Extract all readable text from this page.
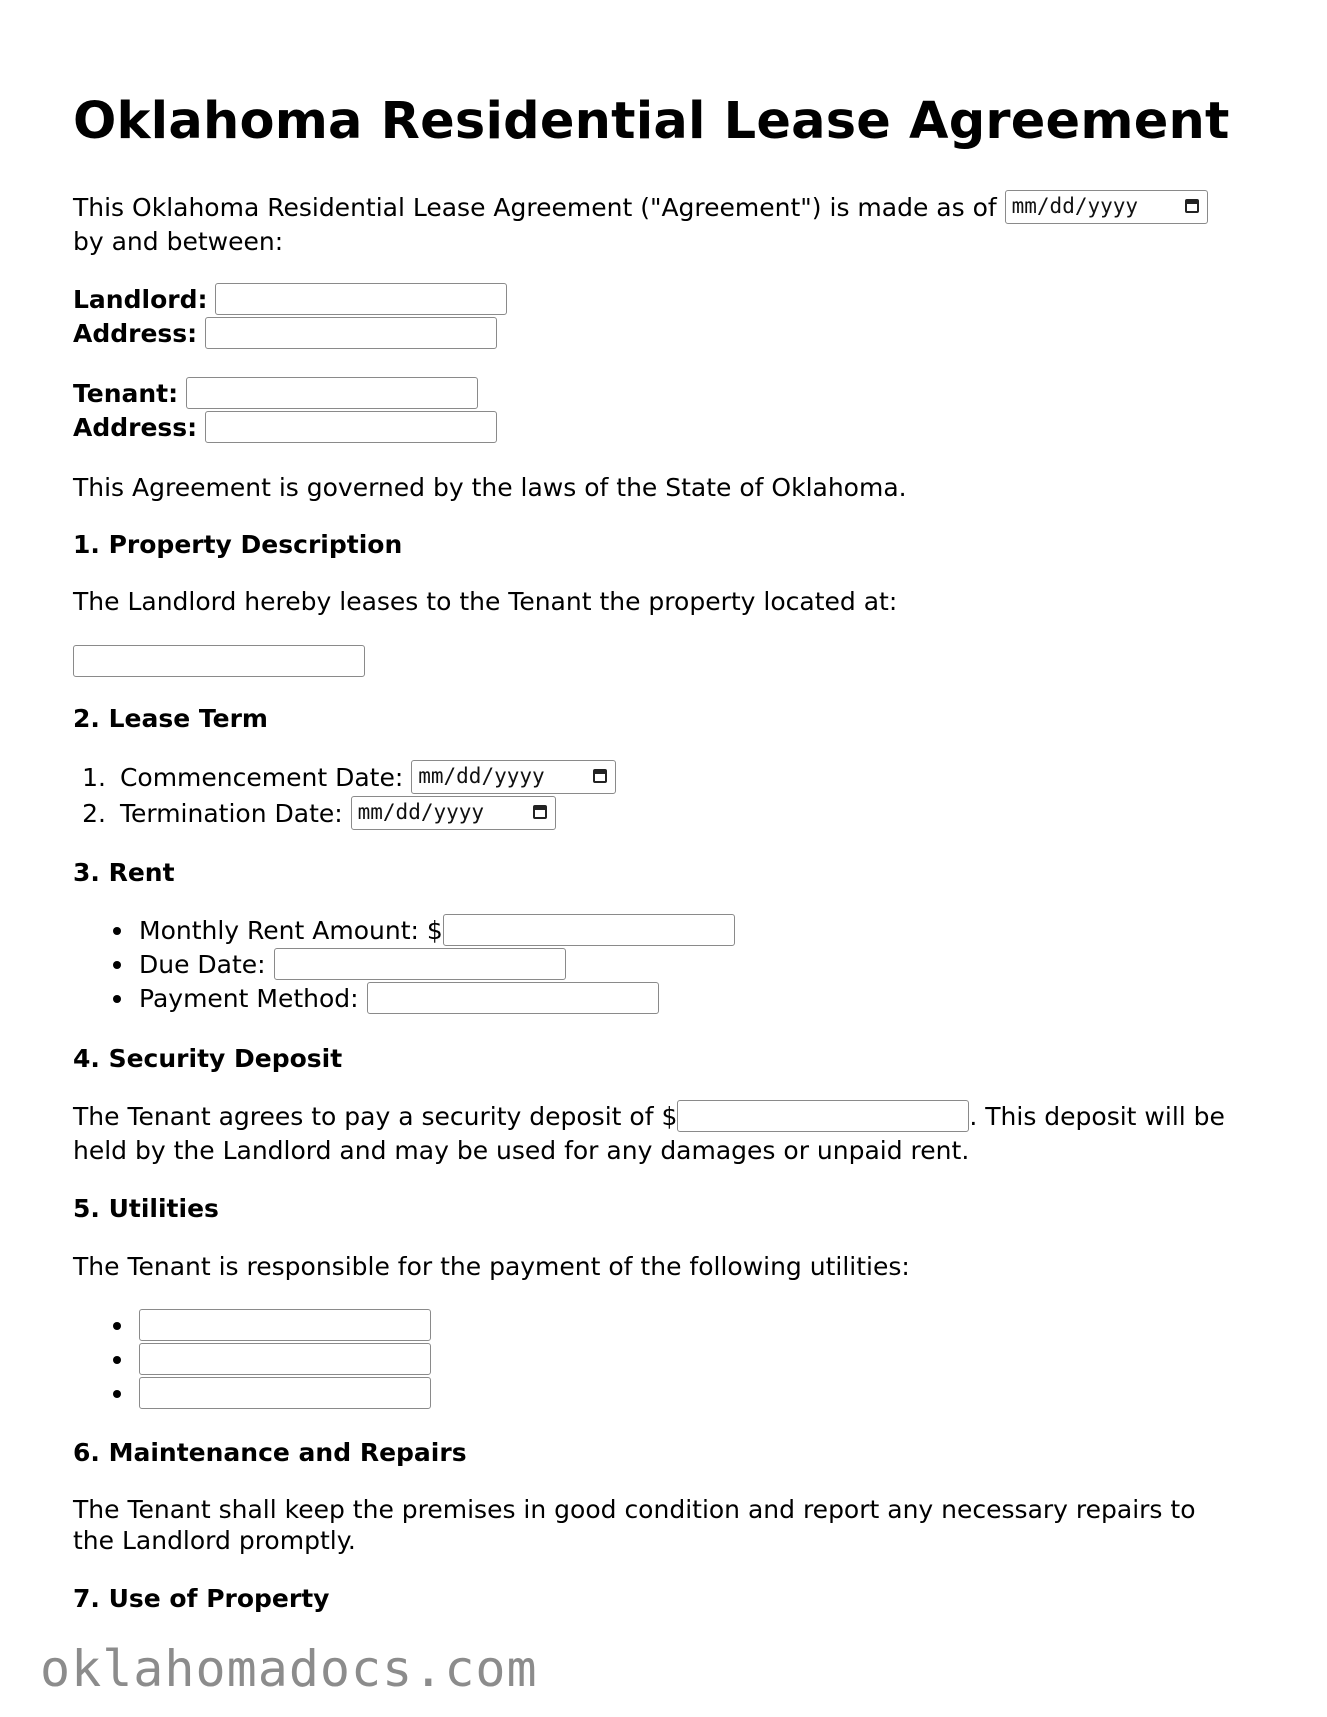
Oklahoma Residential Lease Agreement
This Oklahoma Residential Lease Agreement ("Agreement") is made as of mm/dd/yyyy
by and between:
Landlord:
Address:
Tenant:
Address:
This Agreement is governed by the laws of the State of Oklahoma.
1. Property Description
The Landlord hereby leases to the Tenant the property located at:
2. Lease Term
1. Commencement Date: mm/dd/yyyy
2. Termination Date: mm/dd/yyyy
3. Rent
Monthly Rent Amount: $
Due Date:
Payment Method:
4. Security Deposit
The Tenant agrees to pay a security deposit of $	. This deposit will be
held by the Landlord and may be used for any damages or unpaid rent.
5. Utilities
The Tenant is responsible for the payment of the following utilities:
6. Maintenance and Repairs
The Tenant shall keep the premises in good condition and report any necessary repairs to
the Landlord promptly.
7. Use of Property
oklahomadocs.com
